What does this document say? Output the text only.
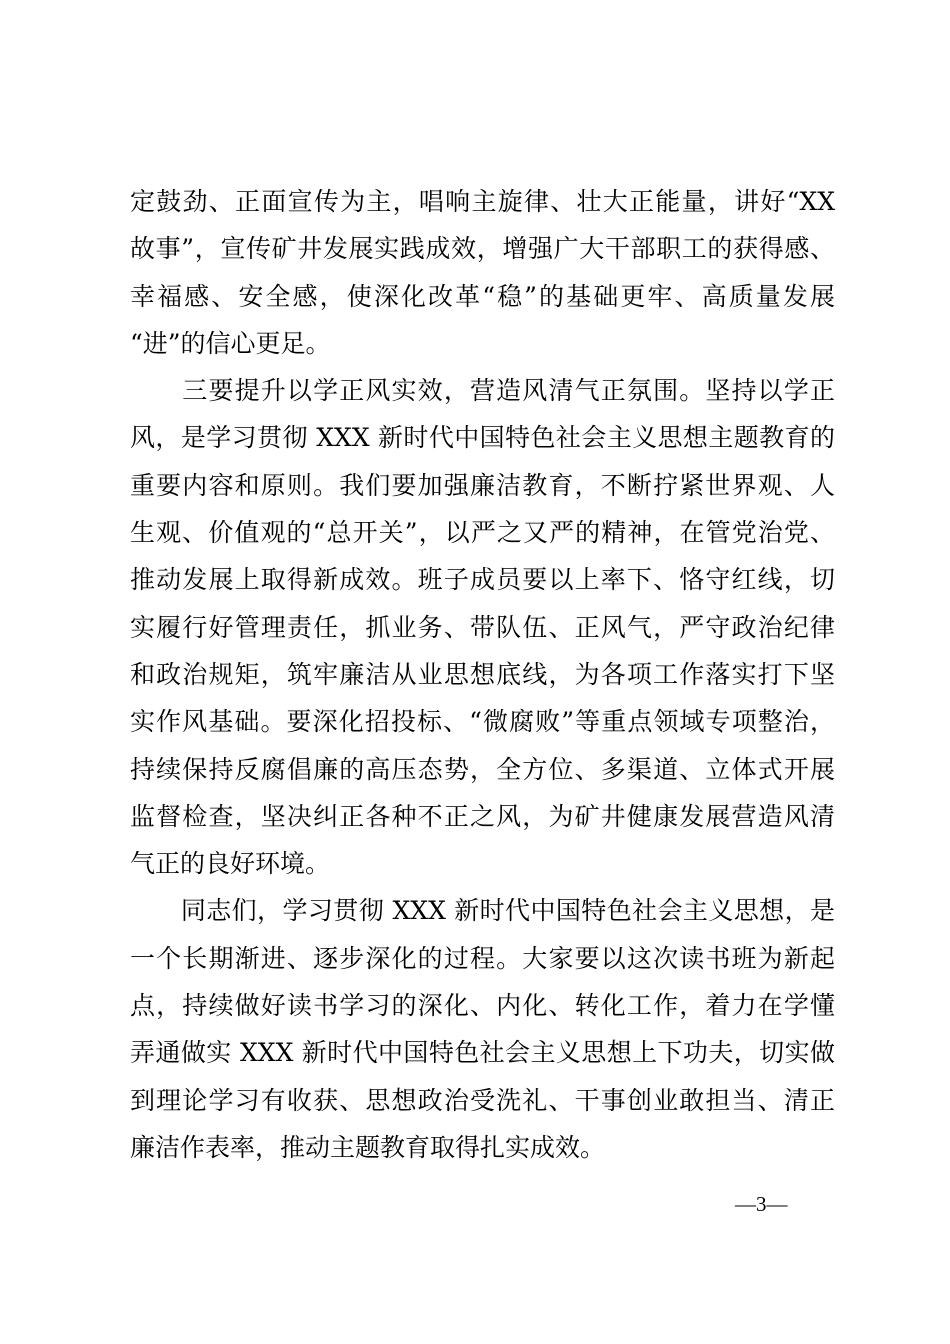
定鼓劲、正面宣传为主，唱响主旋律、壮大正能量，讲好“XX
故事”，宣传矿井发展实践成效，增强广大干部职工的获得感、
幸福感、安全感，使深化改革“稳”的基础更牢、高质量发展
“进”的信心更足。

　　三要提升以学正风实效，营造风清气正氛围。坚持以学正
风，是学习贯彻 XXX 新时代中国特色社会主义思想主题教育的
重要内容和原则。我们要加强廉洁教育，不断拧紧世界观、人
生观、价值观的“总开关”，以严之又严的精神，在管党治党、
推动发展上取得新成效。班子成员要以上率下、恪守红线，切
实履行好管理责任，抓业务、带队伍、正风气，严守政治纪律
和政治规矩，筑牢廉洁从业思想底线，为各项工作落实打下坚
实作风基础。要深化招投标、“微腐败”等重点领域专项整治，
持续保持反腐倡廉的高压态势，全方位、多渠道、立体式开展
监督检查，坚决纠正各种不正之风，为矿井健康发展营造风清
气正的良好环境。

　　同志们，学习贯彻 XXX 新时代中国特色社会主义思想，是
一个长期渐进、逐步深化的过程。大家要以这次读书班为新起
点，持续做好读书学习的深化、内化、转化工作，着力在学懂
弄通做实 XXX 新时代中国特色社会主义思想上下功夫，切实做
到理论学习有收获、思想政治受洗礼、干事创业敢担当、清正
廉洁作表率，推动主题教育取得扎实成效。

—3—
